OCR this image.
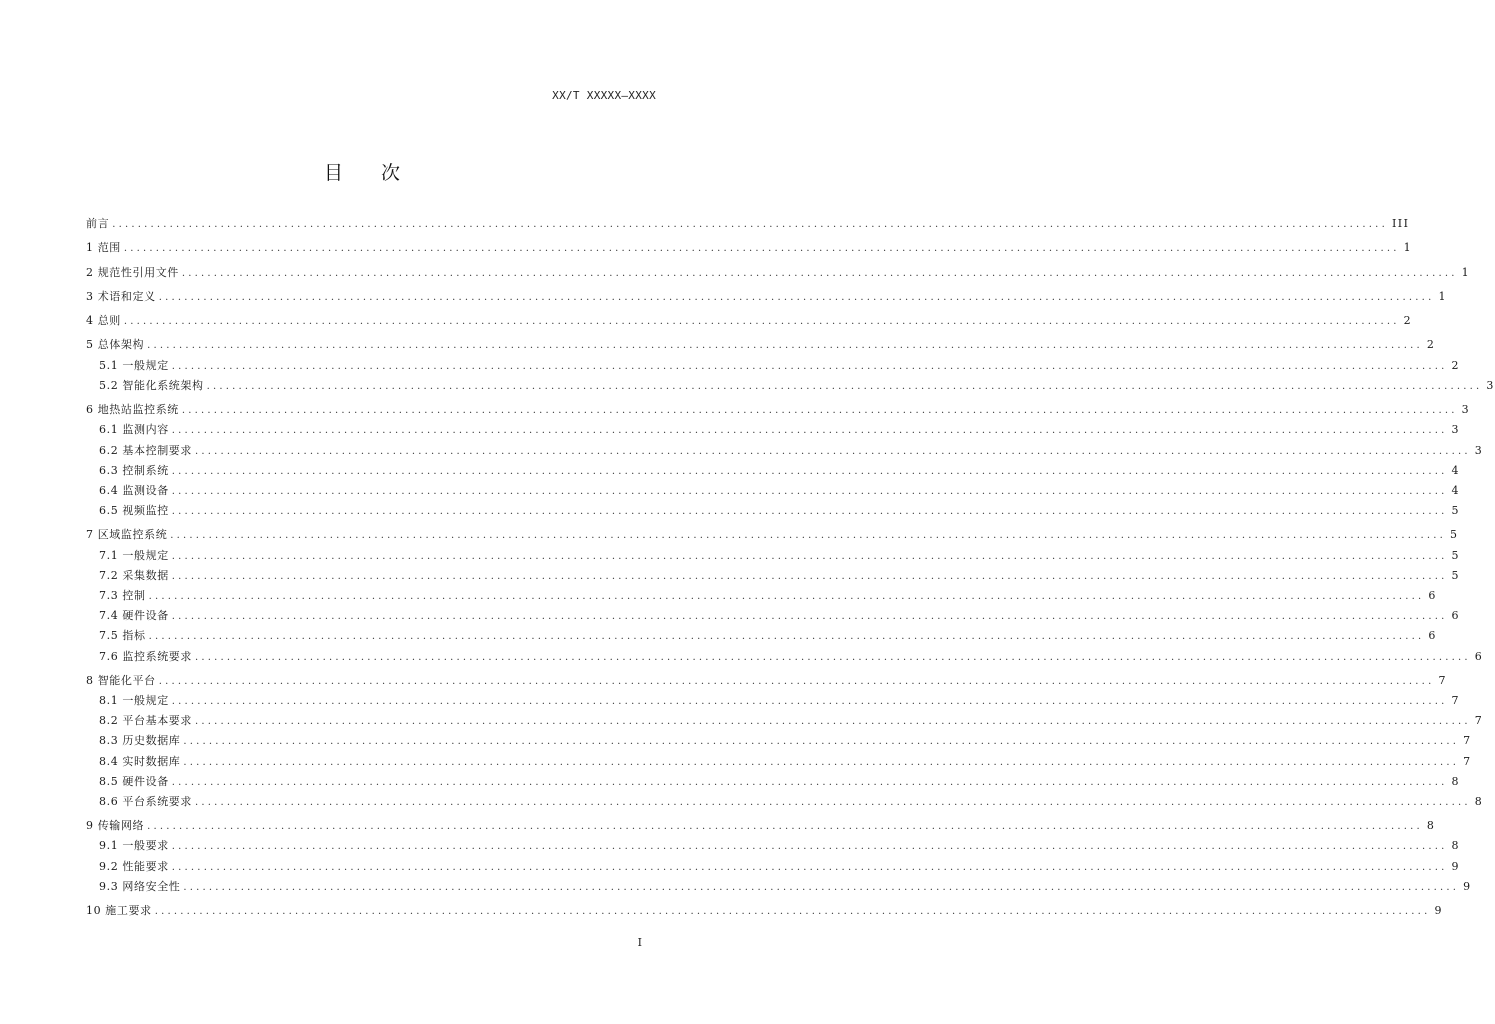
XX/T XXXXX—XXXX
目次
前言 ........................................................................................................................................................................................................ III
1 范围 ........................................................................................................................................................................................................ 1
2 规范性引用文件 ........................................................................................................................................................................................................ 1
3 术语和定义 ........................................................................................................................................................................................................ 1
4 总则 ........................................................................................................................................................................................................ 2
5 总体架构 ........................................................................................................................................................................................................ 2
5.1 一般规定 ........................................................................................................................................................................................................ 2
5.2 智能化系统架构 ........................................................................................................................................................................................................ 3
6 地热站监控系统 ........................................................................................................................................................................................................ 3
6.1 监测内容 ........................................................................................................................................................................................................ 3
6.2 基本控制要求 ........................................................................................................................................................................................................ 3
6.3 控制系统 ........................................................................................................................................................................................................ 4
6.4 监测设备 ........................................................................................................................................................................................................ 4
6.5 视频监控 ........................................................................................................................................................................................................ 5
7 区域监控系统 ........................................................................................................................................................................................................ 5
7.1 一般规定 ........................................................................................................................................................................................................ 5
7.2 采集数据 ........................................................................................................................................................................................................ 5
7.3 控制 ........................................................................................................................................................................................................ 6
7.4 硬件设备 ........................................................................................................................................................................................................ 6
7.5 指标 ........................................................................................................................................................................................................ 6
7.6 监控系统要求 ........................................................................................................................................................................................................ 6
8 智能化平台 ........................................................................................................................................................................................................ 7
8.1 一般规定 ........................................................................................................................................................................................................ 7
8.2 平台基本要求 ........................................................................................................................................................................................................ 7
8.3 历史数据库 ........................................................................................................................................................................................................ 7
8.4 实时数据库 ........................................................................................................................................................................................................ 7
8.5 硬件设备 ........................................................................................................................................................................................................ 8
8.6 平台系统要求 ........................................................................................................................................................................................................ 8
9 传输网络 ........................................................................................................................................................................................................ 8
9.1 一般要求 ........................................................................................................................................................................................................ 8
9.2 性能要求 ........................................................................................................................................................................................................ 9
9.3 网络安全性 ........................................................................................................................................................................................................ 9
10 施工要求 ........................................................................................................................................................................................................ 9
I
